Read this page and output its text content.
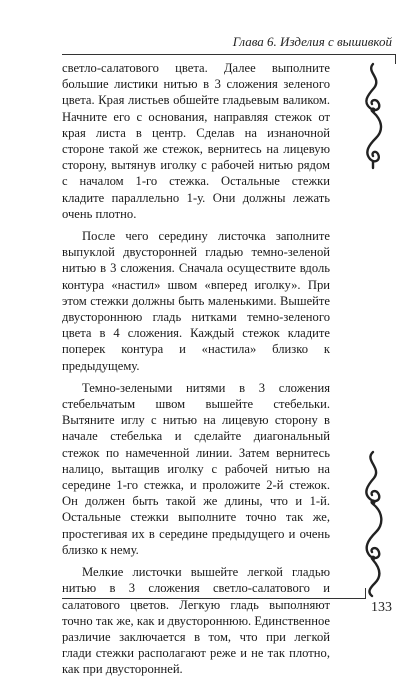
Глава 6. Изделия с вышивкой

светло-салатового цвета. Далее выполните большие листики нитью в 3 сложения зеленого цвета. Края листьев обшейте гладьевым валиком. Начните его с основания, направляя стежок от края листа в центр. Сделав на изнаночной стороне такой же стежок, вернитесь на лицевую сторону, вытянув иголку с рабочей нитью рядом с началом 1-го стежка. Остальные стежки кладите параллельно 1-у. Они должны лежать очень плотно.

После чего середину листочка заполните выпуклой двусторонней гладью темно-зеленой нитью в 3 сложения. Сначала осуществите вдоль контура «настил» швом «вперед иголку». При этом стежки должны быть маленькими. Вышейте двустороннюю гладь нитками темно-зеленого цвета в 4 сложения. Каждый стежок кладите поперек контура и «настила» близко к предыдущему.

Темно-зелеными нитями в 3 сложения стебельчатым швом вышейте стебельки. Вытяните иглу с нитью на лицевую сторону в начале стебелька и сделайте диагональный стежок по намеченной линии. Затем вернитесь налицо, вытащив иголку с рабочей нитью на середине 1-го стежка, и проложите 2-й стежок. Он должен быть такой же длины, что и 1-й. Остальные стежки выполните точно так же, простегивая их в середине предыдущего и очень близко к нему.

Мелкие листочки вышейте легкой гладью нитью в 3 сложения светло-салатового и салатового цветов. Легкую гладь выполняют точно так же, как и двустороннюю. Единственное различие заключается в том, что при легкой глади стежки располагают реже и не так плотно, как при двусторонней.

133
